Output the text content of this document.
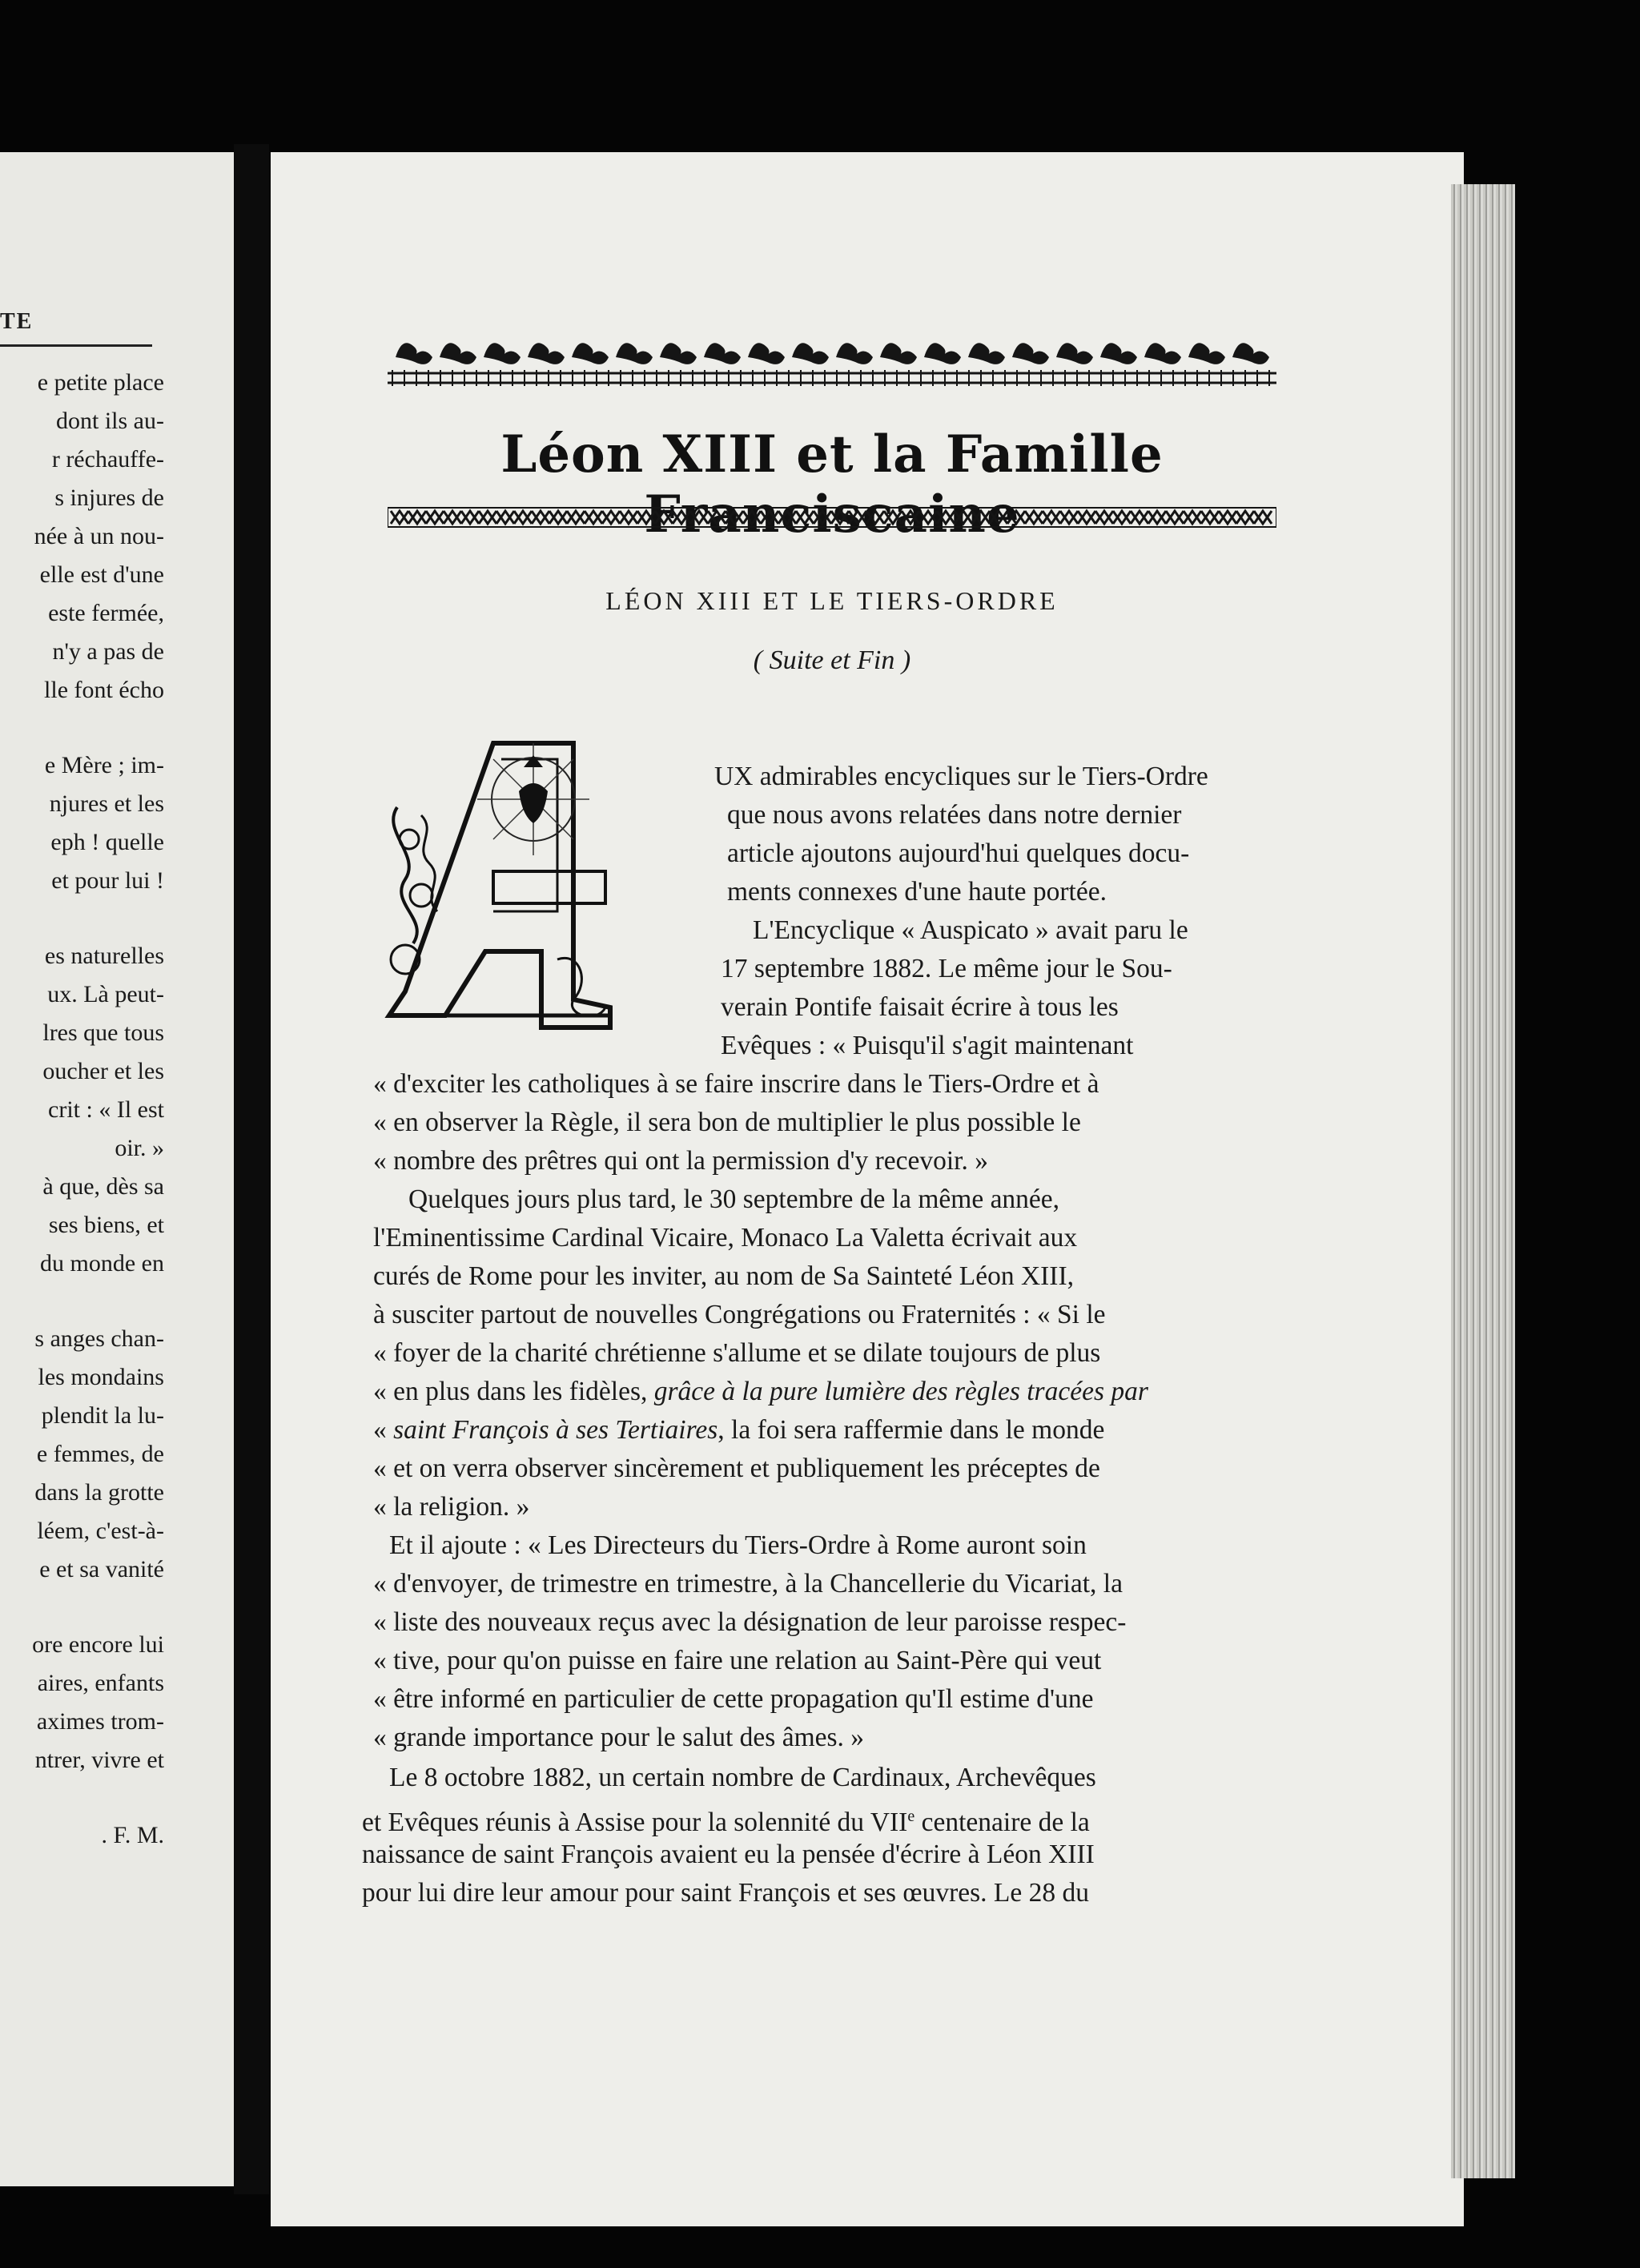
TE
e petite place
dont ils au-
r réchauffe-
s injures de
née à un nou-
elle est d'une
este fermée,
n'y a pas de
lle font écho
e Mère ; im-
njures et les
eph ! quelle
et pour lui !
es naturelles
ux. Là peut-
lres que tous
oucher et les
crit : « Il est
oir. »
à que, dès sa
ses biens, et
du monde en
s anges chan-
les mondains
plendit la lu-
e femmes, de
dans la grotte
léem, c'est-à-
e et sa vanité
ore encore lui
aires, enfants
aximes trom-
ntrer, vivre et
. F. M.
Léon XIII et la Famille Franciscaine
LÉON XIII ET LE TIERS-ORDRE
( Suite et Fin )
UX admirables encycliques sur le Tiers-Ordre
que nous avons relatées dans notre dernier
article ajoutons aujourd'hui quelques docu-
ments connexes d'une haute portée.
L'Encyclique « Auspicato » avait paru le
17 septembre 1882. Le même jour le Sou-
verain Pontife faisait écrire à tous les
Evêques : « Puisqu'il s'agit maintenant
« d'exciter les catholiques à se faire inscrire dans le Tiers-Ordre et à
« en observer la Règle, il sera bon de multiplier le plus possible le
« nombre des prêtres qui ont la permission d'y recevoir. »
Quelques jours plus tard, le 30 septembre de la même année,
l'Eminentissime Cardinal Vicaire, Monaco La Valetta écrivait aux
curés de Rome pour les inviter, au nom de Sa Sainteté Léon XIII,
à susciter partout de nouvelles Congrégations ou Fraternités : « Si le
« foyer de la charité chrétienne s'allume et se dilate toujours de plus
« en plus dans les fidèles, grâce à la pure lumière des règles tracées par
« saint François à ses Tertiaires, la foi sera raffermie dans le monde
« et on verra observer sincèrement et publiquement les préceptes de
« la religion. »
Et il ajoute : « Les Directeurs du Tiers-Ordre à Rome auront soin
« d'envoyer, de trimestre en trimestre, à la Chancellerie du Vicariat, la
« liste des nouveaux reçus avec la désignation de leur paroisse respec-
« tive, pour qu'on puisse en faire une relation au Saint-Père qui veut
« être informé en particulier de cette propagation qu'Il estime d'une
« grande importance pour le salut des âmes. »
Le 8 octobre 1882, un certain nombre de Cardinaux, Archevêques
et Evêques réunis à Assise pour la solennité du VIIe centenaire de la
naissance de saint François avaient eu la pensée d'écrire à Léon XIII
pour lui dire leur amour pour saint François et ses œuvres. Le 28 du
